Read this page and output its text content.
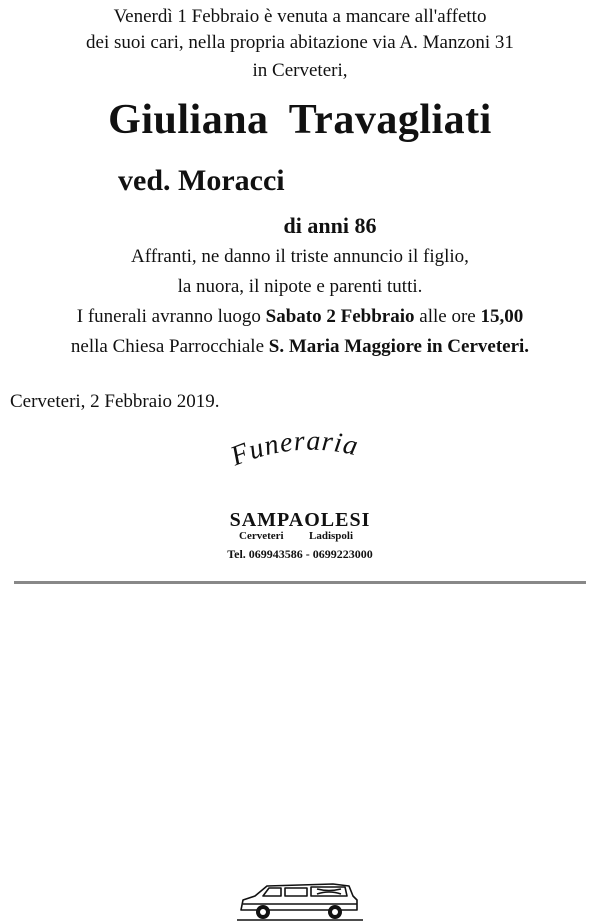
Venerdì 1 Febbraio è venuta a mancare all'affetto
dei suoi cari, nella propria abitazione via A. Manzoni 31
in Cerveteri,
Giuliana Travagliati
ved. Moracci
di anni 86
Affranti, ne danno il triste annuncio il figlio,
la nuora, il nipote e parenti tutti.
I funerali avranno luogo Sabato 2 Febbraio alle ore 15,00
nella Chiesa Parrocchiale S. Maria Maggiore in Cerveteri.
Cerveteri, 2 Febbraio 2019.
Funeraria
SAMPAOLESI
Cerveteri Ladispoli
Tel. 069943586 - 0699223000
